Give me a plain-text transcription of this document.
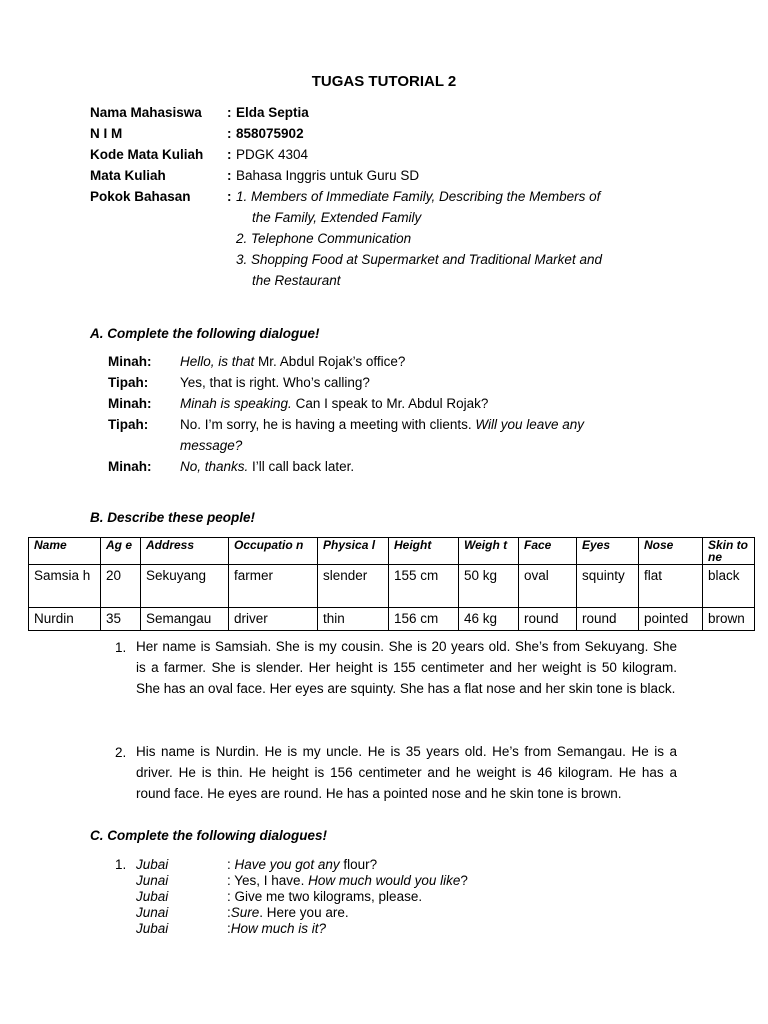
TUGAS TUTORIAL 2
Nama Mahasiswa : Elda Septia
N I M	: 858075902
Kode Mata Kuliah : PDGK 4304
Mata Kuliah	: Bahasa Inggris untuk Guru SD
Pokok Bahasan	: 1. Members of Immediate Family, Describing the Members of
the Family, Extended Family
2. Telephone Communication
3. Shopping Food at Supermarket and Traditional Market and
the Restaurant
A. Complete the following dialogue!
Minah: Hello, is that Mr. Abdul Rojak’s office?
Tipah: Yes, that is right. Who’s calling?
Minah: Minah is speaking. Can I speak to Mr. Abdul Rojak?
Tipah: No. I’m sorry, he is having a meeting with clients. Will you leave any
message?
Minah: No, thanks. I’ll call back later.
B. Describe these people!
Name	Ag e	Address	Occupatio n	Physica l	Height	Weigh t	Face	Eyes	Nose	Skin tone
Samsia h	20	Sekuyang	farmer	slender	155 cm	50 kg	oval	squinty	flat	black
Nurdin	35	Semangau	driver	thin	156 cm	46 kg	round	round	pointed	brown
1. Her name is Samsiah. She is my cousin. She is 20 years old. She’s from Sekuyang. She is a farmer. She is slender. Her height is 155 centimeter and her weight is 50 kilogram. She has an oval face. Her eyes are squinty. She has a flat nose and her skin tone is black.
2. His name is Nurdin. He is my uncle. He is 35 years old. He’s from Semangau. He is a driver. He is thin. He height is 156 centimeter and he weight is 46 kilogram. He has a round face. He eyes are round. He has a pointed nose and he skin tone is brown.
C. Complete the following dialogues!
1. Jubai	: Have you got any flour?
Junai	: Yes, I have. How much would you like?
Jubai	: Give me two kilograms, please.
Junai	:Sure. Here you are.
Jubai	:How much is it?
